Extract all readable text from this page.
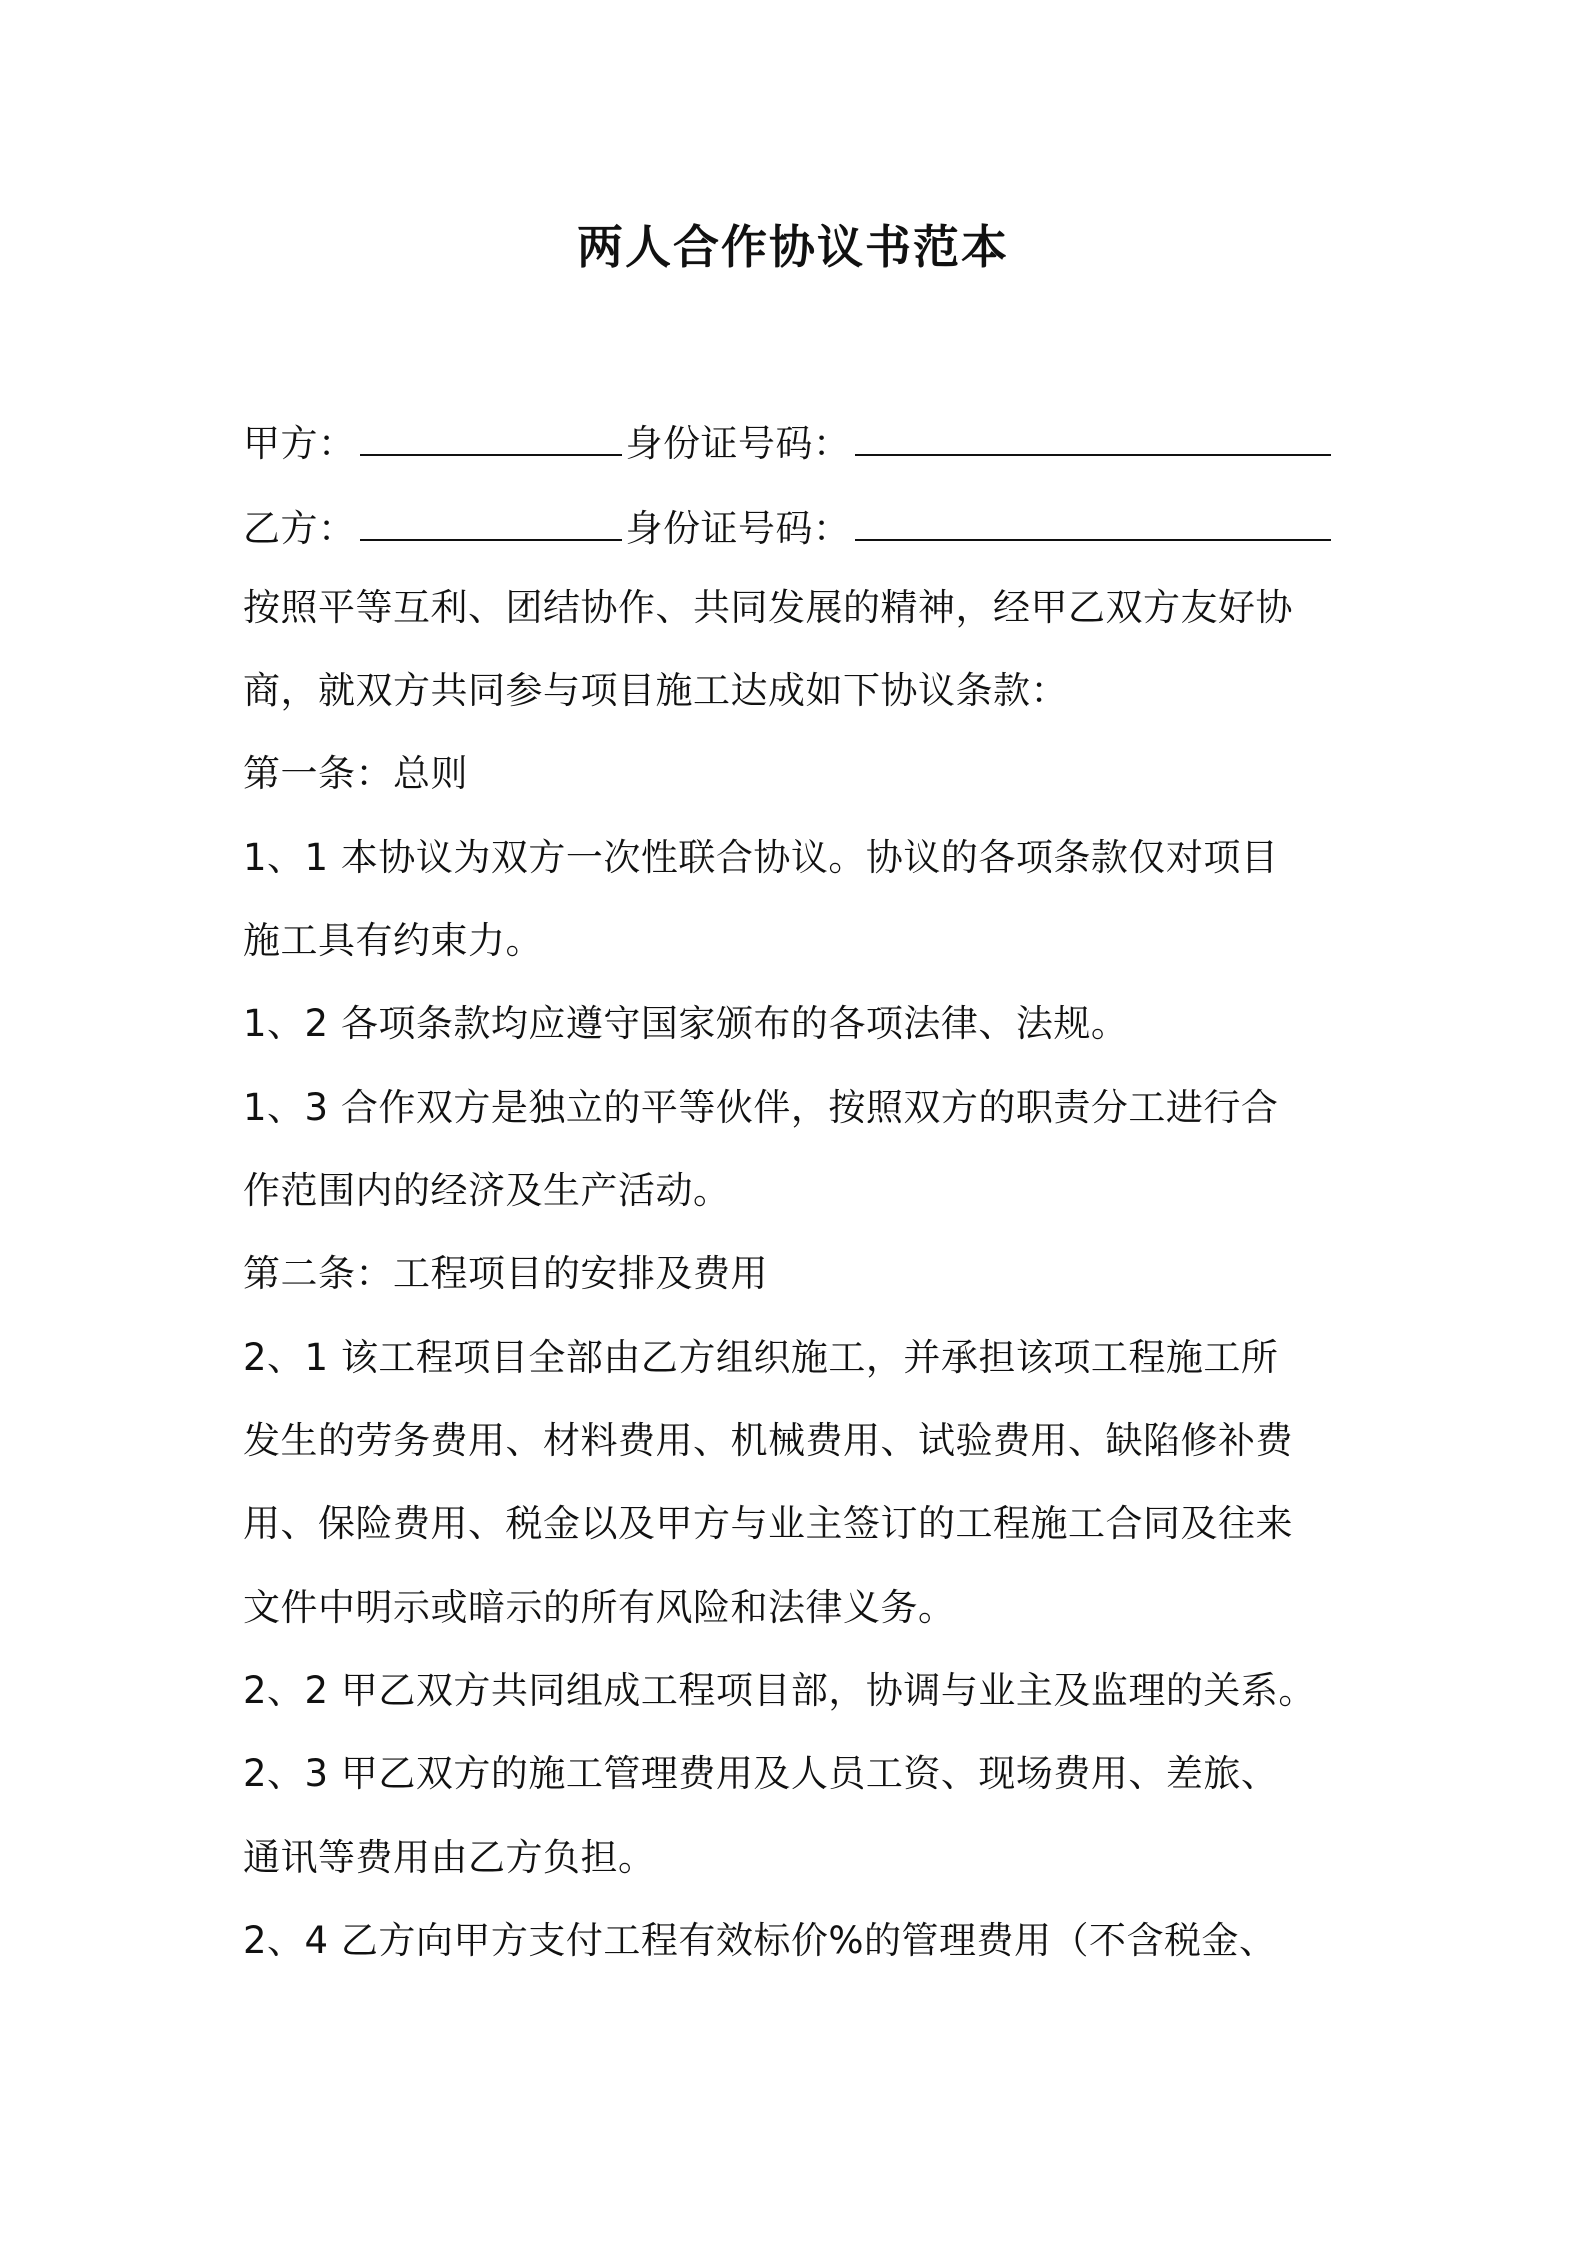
两人合作协议书范本
甲方：	身份证号码：
乙方：	身份证号码：
按照平等互利、团结协作、共同发展的精神，经甲乙双方友好协
商，就双方共同参与项目施工达成如下协议条款：
第一条：总则
1、1 本协议为双方一次性联合协议。协议的各项条款仅对项目
施工具有约束力。
1、2 各项条款均应遵守国家颁布的各项法律、法规。
1、3 合作双方是独立的平等伙伴，按照双方的职责分工进行合
作范围内的经济及生产活动。
第二条：工程项目的安排及费用
2、1 该工程项目全部由乙方组织施工，并承担该项工程施工所
发生的劳务费用、材料费用、机械费用、试验费用、缺陷修补费
用、保险费用、税金以及甲方与业主签订的工程施工合同及往来
文件中明示或暗示的所有风险和法律义务。
2、2 甲乙双方共同组成工程项目部，协调与业主及监理的关系。
2、3 甲乙双方的施工管理费用及人员工资、现场费用、差旅、
通讯等费用由乙方负担。
2、4 乙方向甲方支付工程有效标价%的管理费用（不含税金、
